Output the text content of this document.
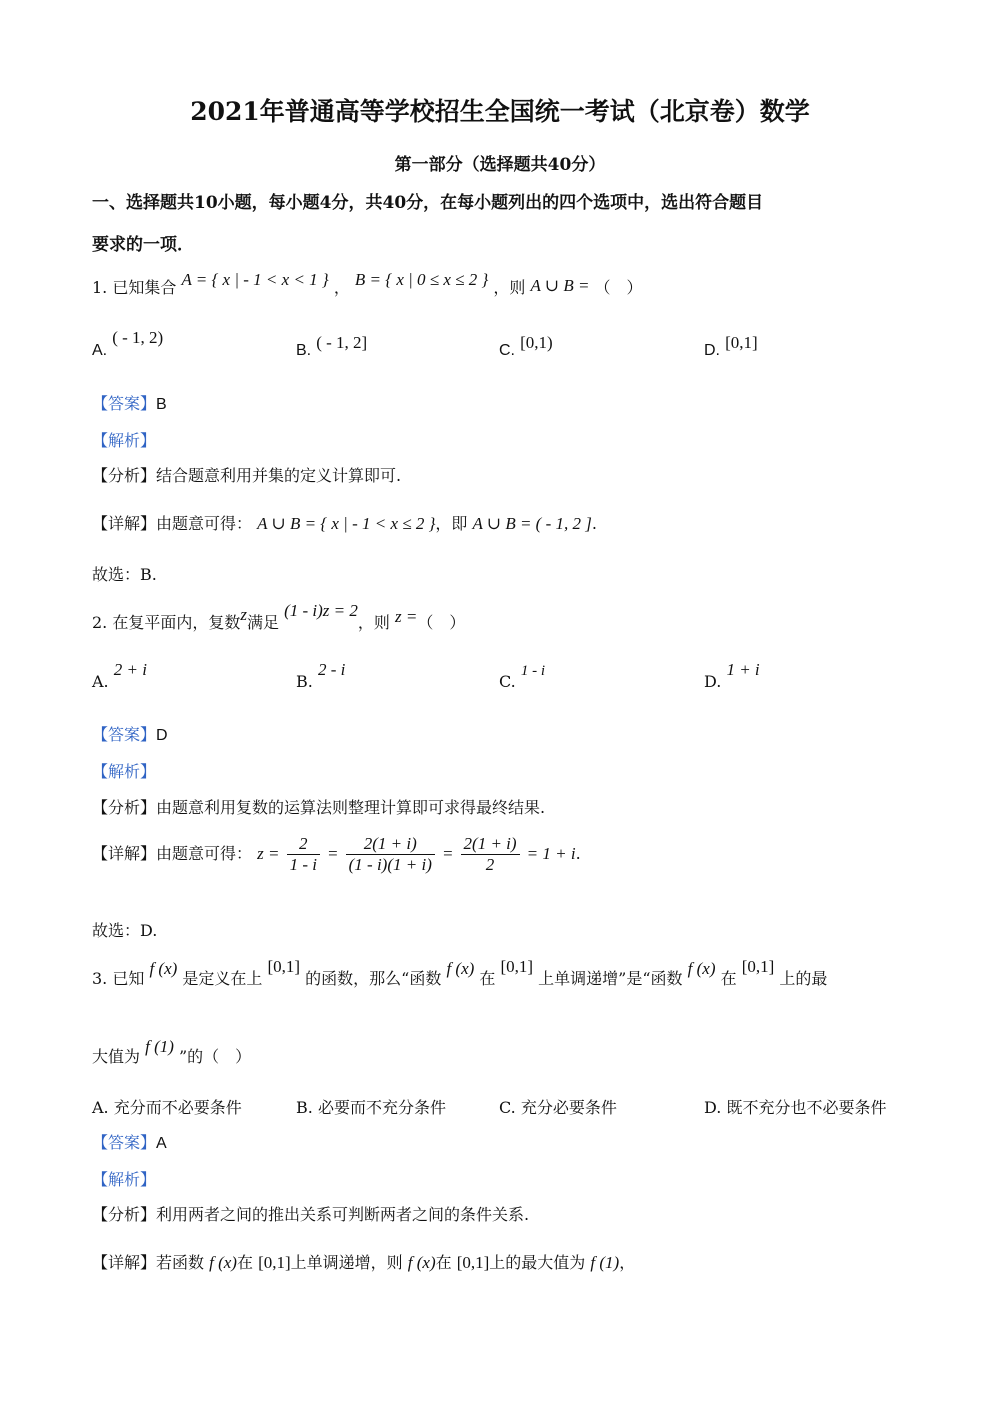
2021年普通高等学校招生全国统一考试（北京卷）数学
第一部分（选择题共40分）
一、选择题共10小题，每小题4分，共40分，在每小题列出的四个选项中，选出符合题目
要求的一项．
1. 已知集合 A = { x | - 1 < x < 1 } ， B = { x | 0 ≤ x ≤ 2 } ，则 A ∪ B = （　）
A. ( - 1, 2)
B. ( - 1, 2]	C. [0,1)	D. [0,1]
【答案】B
【解析】
【分析】结合题意利用并集的定义计算即可.
【详解】由题意可得： A ∪ B = { x | - 1 < x ≤ 2 }，即 A ∪ B = ( - 1, 2 ].
故选：B.
2. 在复平面内，复数z满足 (1 - i)z = 2，则 z =（　）
A. 2 + i
B. 2 - i
C. 1 - i
D. 1 + i
【答案】D
【解析】
【分析】由题意利用复数的运算法则整理计算即可求得最终结果.
【详解】由题意可得： $z = \frac{2}{1 - i} = \frac{2(1 + i)}{(1 - i)(1 + i)} = \frac{2(1 + i)}{2} = 1 + i$.
故选：D.
3. 已知 f (x) 是定义在上 [0,1] 的函数，那么“函数 f (x) 在 [0,1] 上单调递增”是“函数 f (x) 在 [0,1] 上的最
大值为 f (1) ”的（　）
A. 充分而不必要条件	B. 必要而不充分条件	C. 充分必要条件	D. 既不充分也不必要条件
【答案】A
【解析】
【分析】利用两者之间的推出关系可判断两者之间的条件关系.
【详解】若函数 f (x)在 [0,1]上单调递增，则 f (x)在 [0,1]上的最大值为 f (1)，
